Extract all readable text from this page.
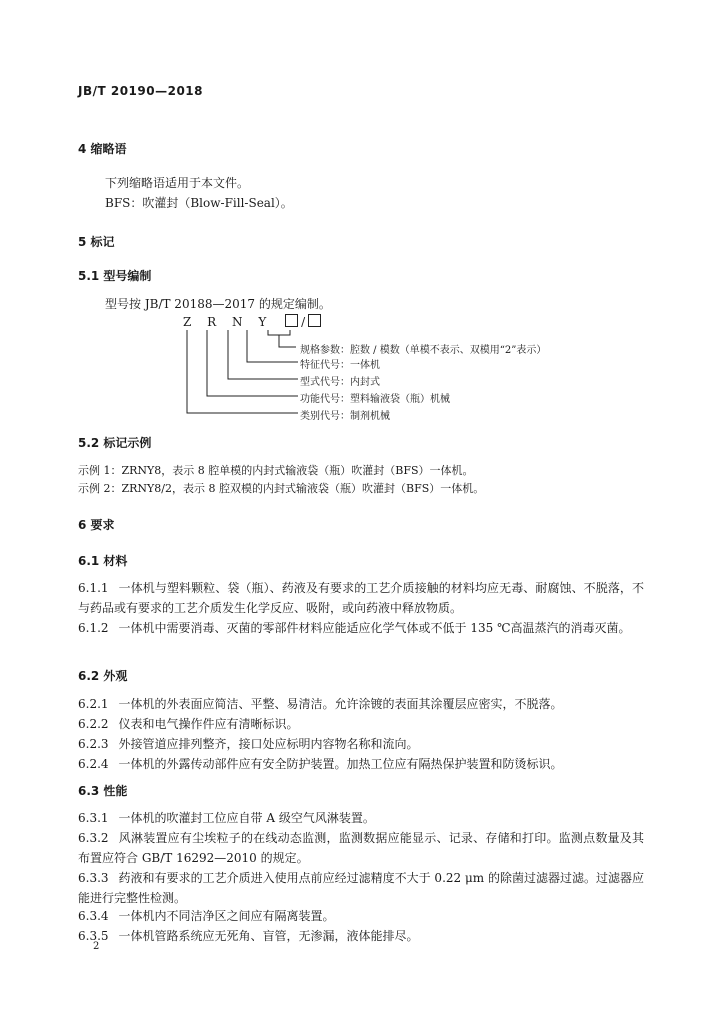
JB/T 20190—2018
4 缩略语
下列缩略语适用于本文件。
BFS：吹灌封（Blow-Fill-Seal）。
5 标记
5.1 型号编制
型号按 JB/T 20188—2017 的规定编制。
Z R N Y /
规格参数：腔数 / 模数（单模不表示、双模用“2”表示）
特征代号：一体机
型式代号：内封式
功能代号：塑料输液袋（瓶）机械
类别代号：制剂机械
5.2 标记示例
示例 1：ZRNY8，表示 8 腔单模的内封式输液袋（瓶）吹灌封（BFS）一体机。
示例 2：ZRNY8/2，表示 8 腔双模的内封式输液袋（瓶）吹灌封（BFS）一体机。
6 要求
6.1 材料
6.1.1 一体机与塑料颗粒、袋（瓶）、药液及有要求的工艺介质接触的材料均应无毒、耐腐蚀、不脱落，不与药品或有要求的工艺介质发生化学反应、吸附，或向药液中释放物质。
6.1.2 一体机中需要消毒、灭菌的零部件材料应能适应化学气体或不低于 135 ℃高温蒸汽的消毒灭菌。
6.2 外观
6.2.1 一体机的外表面应简洁、平整、易清洁。允许涂镀的表面其涂覆层应密实，不脱落。
6.2.2 仪表和电气操作件应有清晰标识。
6.2.3 外接管道应排列整齐，接口处应标明内容物名称和流向。
6.2.4 一体机的外露传动部件应有安全防护装置。加热工位应有隔热保护装置和防烫标识。
6.3 性能
6.3.1 一体机的吹灌封工位应自带 A 级空气风淋装置。
6.3.2 风淋装置应有尘埃粒子的在线动态监测，监测数据应能显示、记录、存储和打印。监测点数量及其布置应符合 GB/T 16292—2010 的规定。
6.3.3 药液和有要求的工艺介质进入使用点前应经过滤精度不大于 0.22 μm 的除菌过滤器过滤。过滤器应能进行完整性检测。
6.3.4 一体机内不同洁净区之间应有隔离装置。
6.3.5 一体机管路系统应无死角、盲管，无渗漏，液体能排尽。
2
